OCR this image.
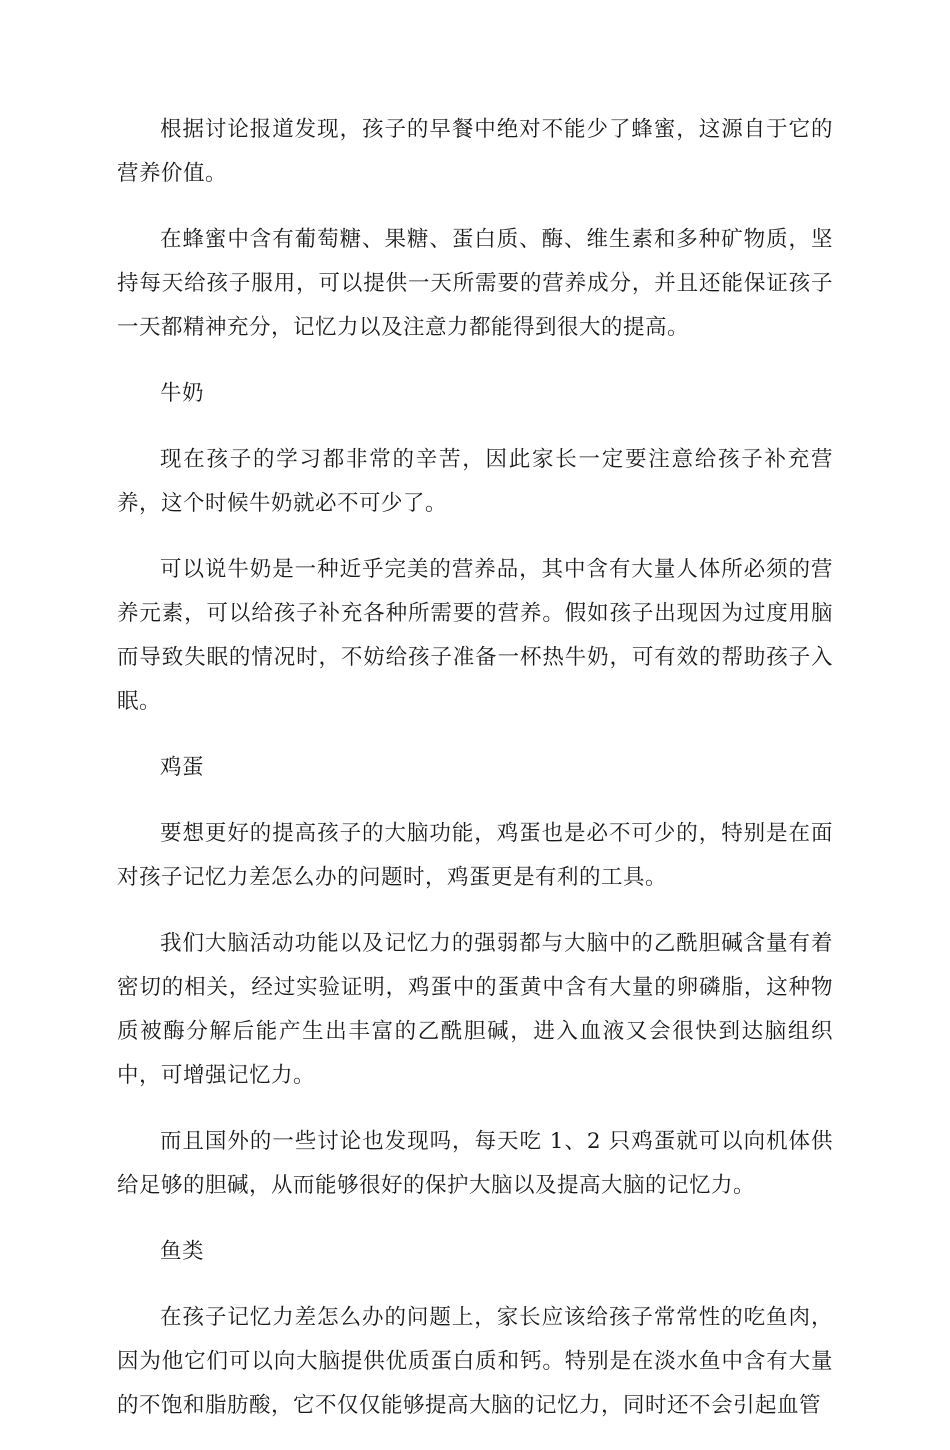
根据讨论报道发现，孩子的早餐中绝对不能少了蜂蜜，这源自于它的营养价值。

在蜂蜜中含有葡萄糖、果糖、蛋白质、酶、维生素和多种矿物质，坚持每天给孩子服用，可以提供一天所需要的营养成分，并且还能保证孩子一天都精神充分，记忆力以及注意力都能得到很大的提高。

牛奶

现在孩子的学习都非常的辛苦，因此家长一定要注意给孩子补充营养，这个时候牛奶就必不可少了。

可以说牛奶是一种近乎完美的营养品，其中含有大量人体所必须的营养元素，可以给孩子补充各种所需要的营养。假如孩子出现因为过度用脑而导致失眠的情况时，不妨给孩子准备一杯热牛奶，可有效的帮助孩子入眠。

鸡蛋

要想更好的提高孩子的大脑功能，鸡蛋也是必不可少的，特别是在面对孩子记忆力差怎么办的问题时，鸡蛋更是有利的工具。

我们大脑活动功能以及记忆力的强弱都与大脑中的乙酰胆碱含量有着密切的相关，经过实验证明，鸡蛋中的蛋黄中含有大量的卵磷脂，这种物质被酶分解后能产生出丰富的乙酰胆碱，进入血液又会很快到达脑组织中，可增强记忆力。

而且国外的一些讨论也发现吗，每天吃 1、2 只鸡蛋就可以向机体供给足够的胆碱，从而能够很好的保护大脑以及提高大脑的记忆力。

鱼类

在孩子记忆力差怎么办的问题上，家长应该给孩子常常性的吃鱼肉，因为他它们可以向大脑提供优质蛋白质和钙。特别是在淡水鱼中含有大量的不饱和脂肪酸，它不仅仅能够提高大脑的记忆力，同时还不会引起血管
